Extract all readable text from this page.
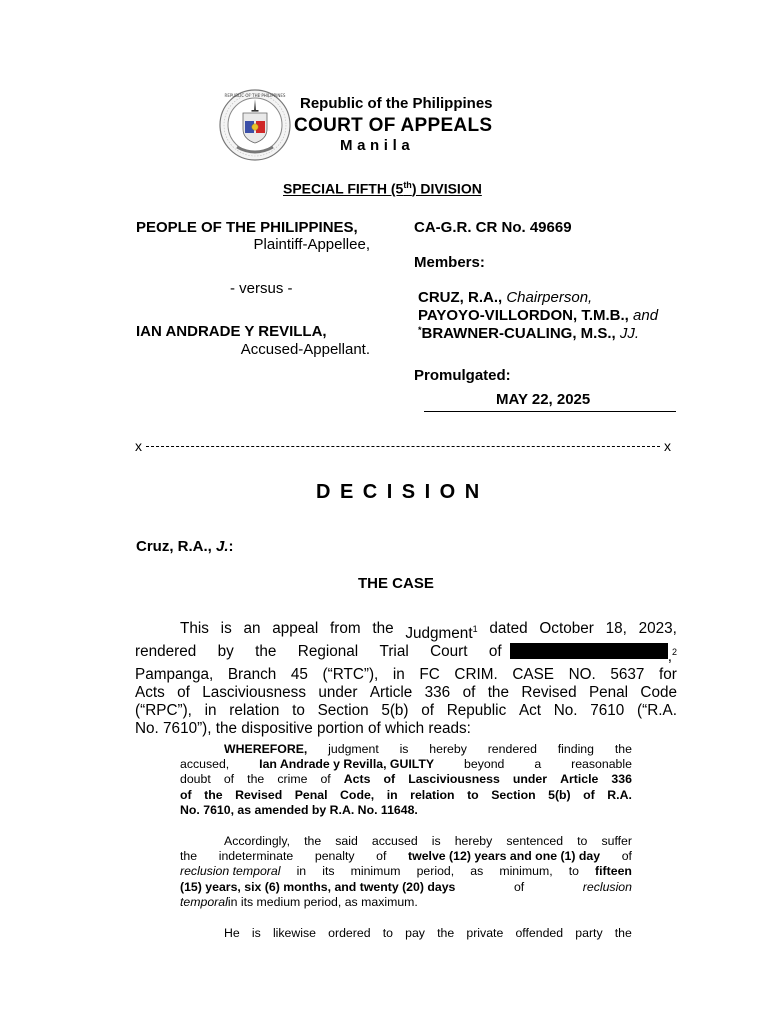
REPUBLIC OF THE PHILIPPINES Republic of the Philippines
COURT OF APPEALS
Manila
SPECIAL FIFTH (5th) DIVISION
PEOPLE OF THE PHILIPPINES,
Plaintiff-Appellee,
- versus -
IAN ANDRADE Y REVILLA,
Accused-Appellant.
CA-G.R. CR No. 49669
Members:
CRUZ, R.A., Chairperson,
PAYOYO-VILLORDON, T.M.B., and
*BRAWNER-CUALING, M.S., JJ.
Promulgated:
MAY 22, 2025
x	x
DECISION
Cruz, R.A., J.:
THE CASE
This is an appeal from the Judgment$^1$ dated October 18, 2023,
rendered by the Regional Trial Court of	,$^2$
Pampanga, Branch 45 (“RTC”), in FC CRIM. CASE NO. 5637 for
Acts of Lasciviousness under Article 336 of the Revised Penal Code
(“RPC”), in relation to Section 5(b) of Republic Act No. 7610 (“R.A.
No. 7610”), the dispositive portion of which reads:
WHEREFORE, judgment is hereby rendered finding the
accused, Ian Andrade y Revilla, GUILTY beyond a reasonable
doubt of the crime of Acts of Lasciviousness under Article 336
of the Revised Penal Code, in relation to Section 5(b) of R.A.
No. 7610, as amended by R.A. No. 11648.
Accordingly, the said accused is hereby sentenced to suffer
the indeterminate penalty of twelve (12) years and one (1) day of
reclusion temporal in its minimum period, as minimum, to fifteen
(15) years, six (6) months, and twenty (20) days	of	reclusion
temporal in its medium period, as maximum.
He is likewise ordered to pay the private offended party the
